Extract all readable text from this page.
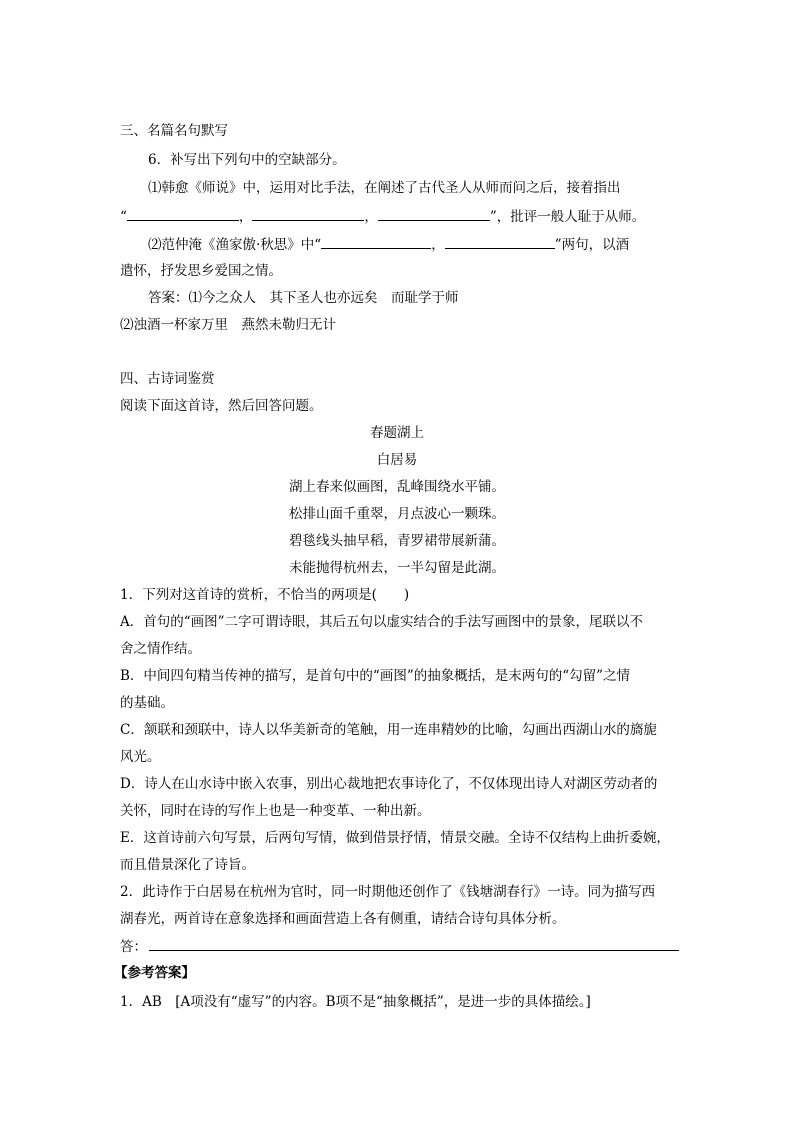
三、名篇名句默写
6．补写出下列句中的空缺部分。
⑴韩愈《师说》中，运用对比手法，在阐述了古代圣人从师而问之后，接着指出
“	，	，	”，批评一般人耻于从师。
⑵范仲淹《渔家傲·秋思》中“	，	”两句，以酒
遣怀，抒发思乡爱国之情。
答案：⑴今之众人　其下圣人也亦远矣　而耻学于师
⑵浊酒一杯家万里　燕然未勒归无计
四、古诗词鉴赏
阅读下面这首诗，然后回答问题。
春题湖上
白居易
湖上春来似画图，乱峰围绕水平铺。
松排山面千重翠，月点波心一颗珠。
碧毯线头抽早稻，青罗裙带展新蒲。
未能抛得杭州去，一半勾留是此湖。
1．下列对这首诗的赏析，不恰当的两项是(　　)
A．首句的“画图”二字可谓诗眼，其后五句以虚实结合的手法写画图中的景象，尾联以不
舍之情作结。
B．中间四句精当传神的描写，是首句中的“画图”的抽象概括，是末两句的“勾留”之情
的基础。
C．颔联和颈联中，诗人以华美新奇的笔触，用一连串精妙的比喻，勾画出西湖山水的旖旎
风光。
D．诗人在山水诗中嵌入农事，别出心裁地把农事诗化了，不仅体现出诗人对湖区劳动者的
关怀，同时在诗的写作上也是一种变革、一种出新。
E．这首诗前六句写景，后两句写情，做到借景抒情，情景交融。全诗不仅结构上曲折委婉，
而且借景深化了诗旨。
2．此诗作于白居易在杭州为官时，同一时期他还创作了《钱塘湖春行》一诗。同为描写西
湖春光，两首诗在意象选择和画面营造上各有侧重，请结合诗句具体分析。
答：
【参考答案】
1．AB　[A项没有“虚写”的内容。B项不是“抽象概括”，是进一步的具体描绘。]
